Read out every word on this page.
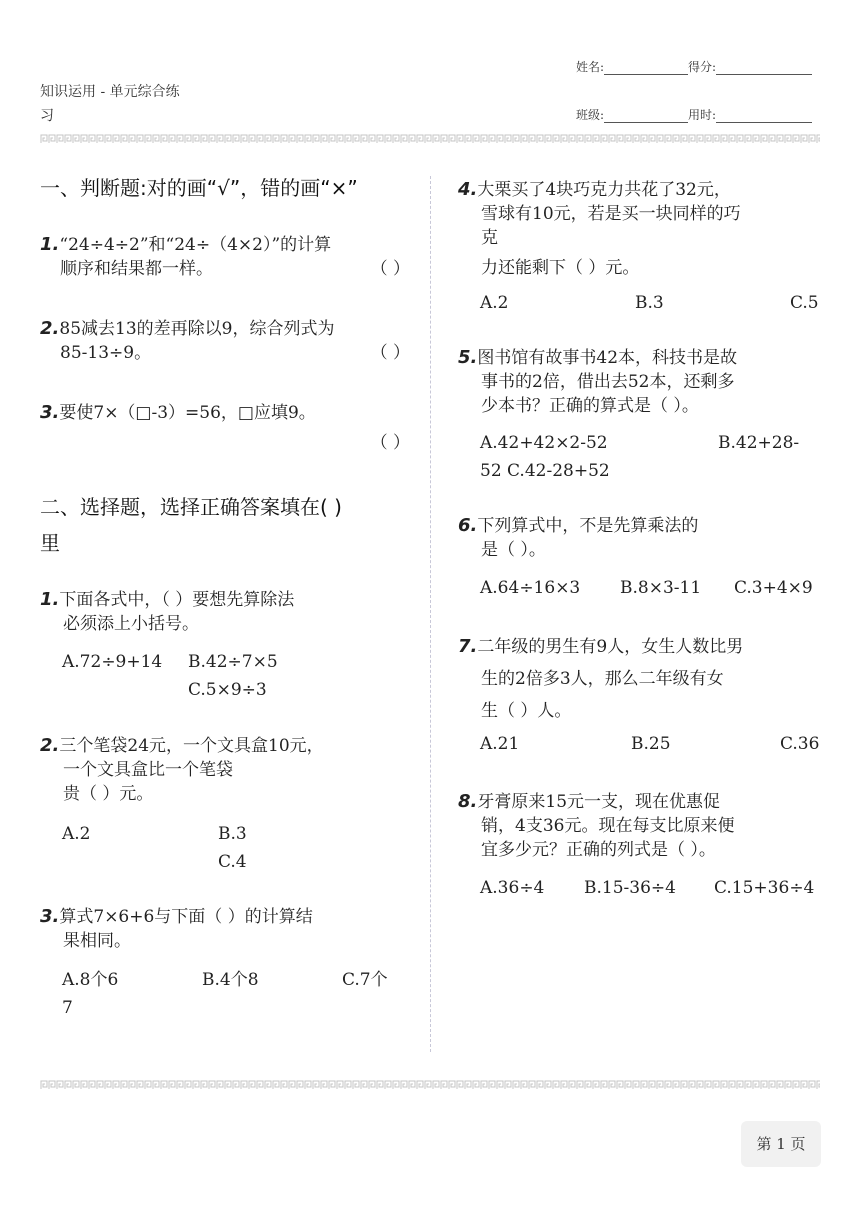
知识运用 - 单元综合练
习
姓名:	得分:
班级:	用时:
一、判断题:对的画“√”，错的画“×”
1.“24÷4÷2”和“24÷（4×2）”的计算
顺序和结果都一样。	（ ）
2.85减去13的差再除以9，综合列式为
85-13÷9。	（ ）
3.要使7×（□-3）=56，□应填9。
（ ）
二、选择题，选择正确答案填在( )
里
1.下面各式中，（ ）要想先算除法
必须添上小括号。
A.72÷9+14 B.42÷7×5
C.5×9÷3
2.三个笔袋24元，一个文具盒10元，
一个文具盒比一个笔袋
贵（ ）元。
A.2	B.3
C.4
3.算式7×6+6与下面（ ）的计算结
果相同。
A.8个6	B.4个8	C.7个
7
4.大栗买了4块巧克力共花了32元，
雪球有10元，若是买一块同样的巧
克
力还能剩下（ ）元。
A.2	B.3	C.5
5.图书馆有故事书42本，科技书是故
事书的2倍，借出去52本，还剩多
少本书？正确的算式是（ ）。
A.42+42×2-52	B.42+28-
52 C.42-28+52
6.下列算式中，不是先算乘法的
是（ ）。
A.64÷16×3 B.8×3-11 C.3+4×9
7.二年级的男生有9人，女生人数比男
生的2倍多3人，那么二年级有女
生（ ）人。
A.21	B.25	C.36
8.牙膏原来15元一支，现在优惠促
销，4支36元。现在每支比原来便
宜多少元？正确的列式是（ ）。
A.36÷4 B.15-36÷4 C.15+36÷4
第 1 页
